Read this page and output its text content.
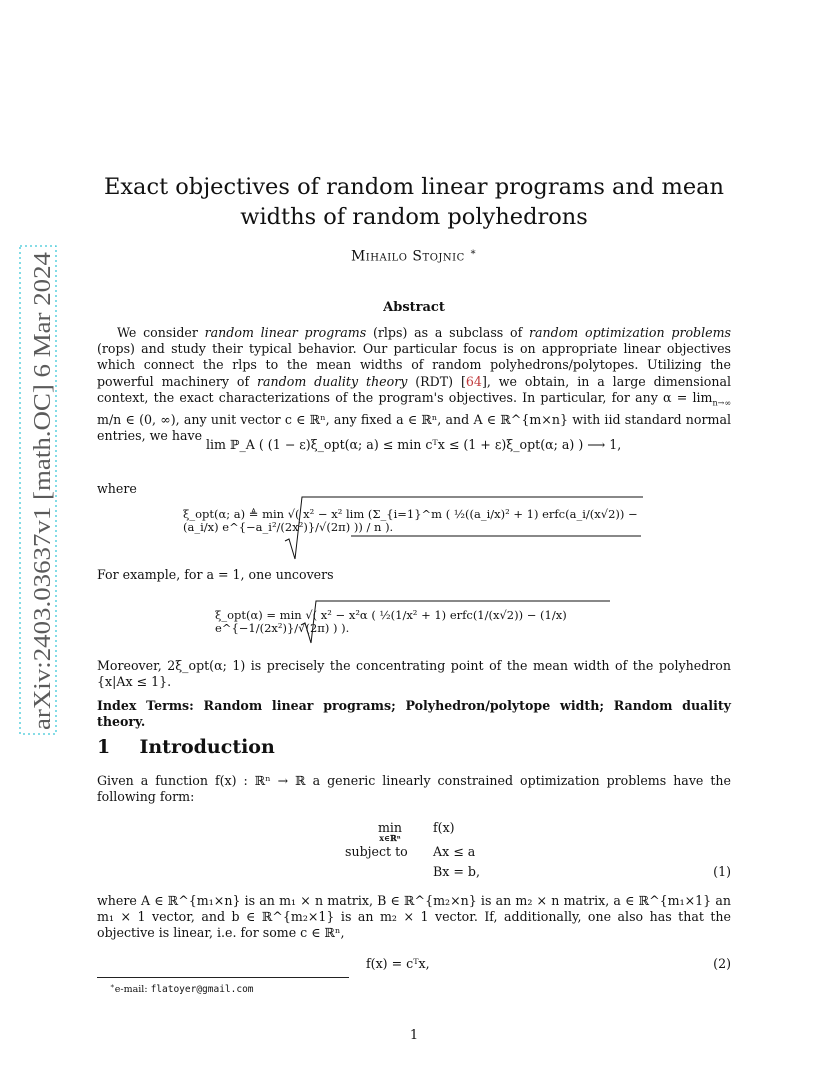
arXiv:2403.03637v1 [math.OC] 6 Mar 2024
Exact objectives of random linear programs and mean widths of random polyhedrons
Mihailo Stojnic ∗
Abstract
We consider random linear programs (rlps) as a subclass of random optimization problems (rops) and study their typical behavior. Our particular focus is on appropriate linear objectives which connect the rlps to the mean widths of random polyhedrons/polytopes. Utilizing the powerful machinery of random duality theory (RDT) [64], we obtain, in a large dimensional context, the exact characterizations of the program's objectives. In particular, for any $\alpha = \lim_{n\to\infty} m/n$ ∈ (0, ∞), any unit vector c ∈ ℝⁿ, any fixed a ∈ ℝⁿ, and A ∈ ℝ^{m×n} with iid standard normal entries, we have
lim ℙ_A ( (1 − ε)ξ_opt(α; a) ≤ min cᵀx ≤ (1 + ε)ξ_opt(α; a) ) ⟶ 1,
where
ξ_opt(α; a) ≜ min √( x² − x² lim (Σ_{i=1}^m ( ½((a_i/x)² + 1) erfc(a_i/(x√2)) − (a_i/x) e^{−a_i²/(2x²)}/√(2π) )) / n ).
For example, for a = 1, one uncovers
ξ_opt(α) = min √( x² − x²α ( ½(1/x² + 1) erfc(1/(x√2)) − (1/x) e^{−1/(2x²)}/√(2π) ) ).
Moreover, 2ξ_opt(α; 1) is precisely the concentrating point of the mean width of the polyhedron {x|Ax ≤ 1}.
Index Terms: Random linear programs; Polyhedron/polytope width; Random duality theory.
1 Introduction
Given a function f(x) : ℝⁿ → ℝ a generic linearly constrained optimization problems have the following form:
min
x∈ℝⁿ
f(x)
subject to Ax ≤ a
Bx = b,	(1)
where A ∈ ℝ^{m₁×n} is an m₁ × n matrix, B ∈ ℝ^{m₂×n} is an m₂ × n matrix, a ∈ ℝ^{m₁×1} an m₁ × 1 vector, and b ∈ ℝ^{m₂×1} is an m₂ × 1 vector. If, additionally, one also has that the objective is linear, i.e. for some c ∈ ℝⁿ,
f(x) = cᵀx,	(2)
∗e-mail: flatoyer@gmail.com
1
